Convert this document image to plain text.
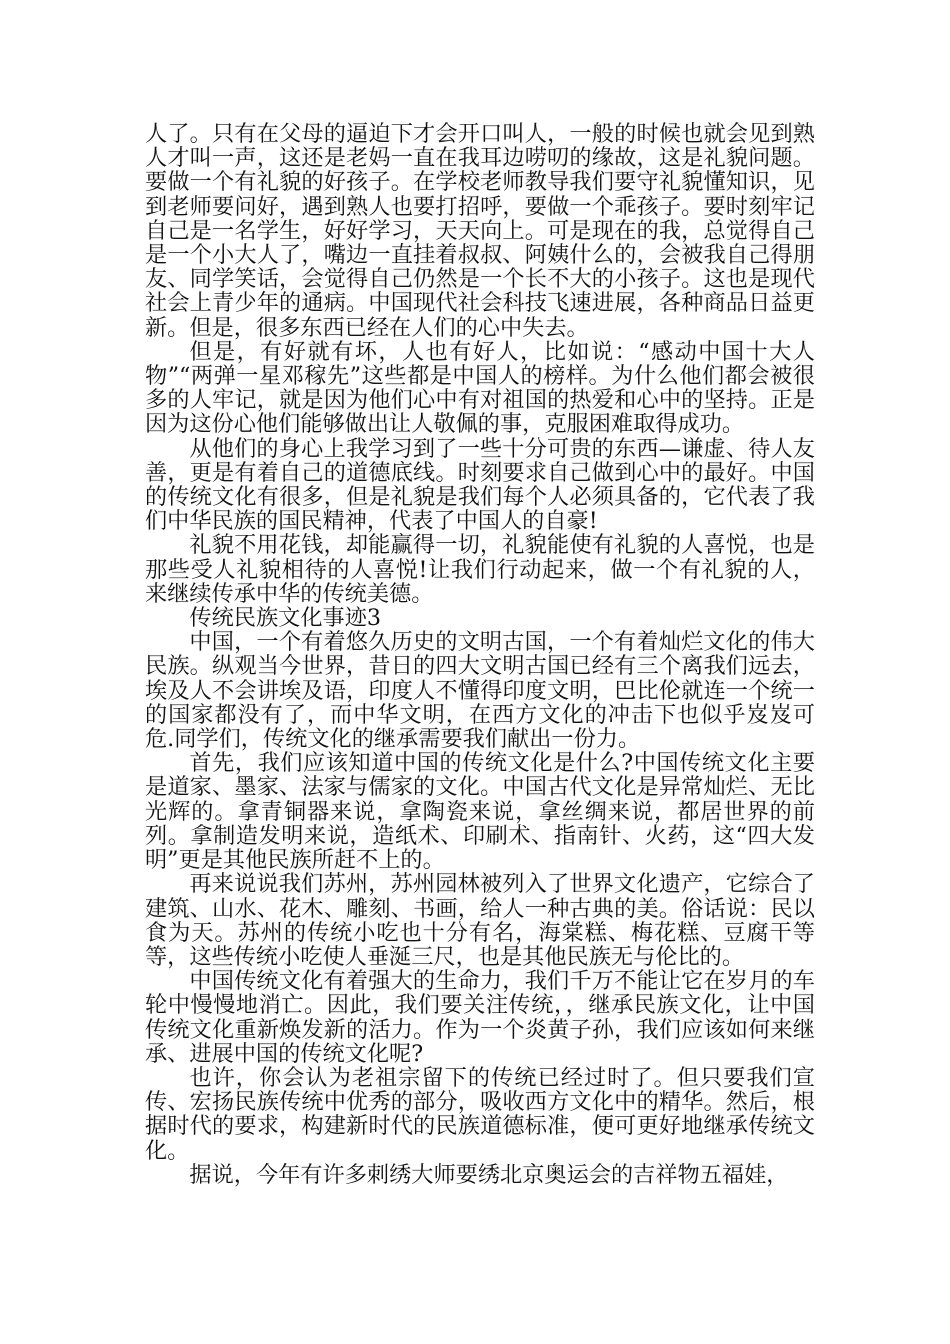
人了。只有在父母的逼迫下才会开口叫人，一般的时候也就会见到熟人才叫一声，这还是老妈一直在我耳边唠叨的缘故，这是礼貌问题。要做一个有礼貌的好孩子。在学校老师教导我们要守礼貌懂知识，见到老师要问好，遇到熟人也要打招呼，要做一个乖孩子。要时刻牢记自己是一名学生，好好学习，天天向上。可是现在的我，总觉得自己是一个小大人了，嘴边一直挂着叔叔、阿姨什么的，会被我自己得朋友、同学笑话，会觉得自己仍然是一个长不大的小孩子。这也是现代社会上青少年的通病。中国现代社会科技飞速进展，各种商品日益更新。但是，很多东西已经在人们的心中失去。

但是，有好就有坏，人也有好人，比如说：“感动中国十大人物”“两弹一星邓稼先”这些都是中国人的榜样。为什么他们都会被很多的人牢记，就是因为他们心中有对祖国的热爱和心中的坚持。正是因为这份心他们能够做出让人敬佩的事，克服困难取得成功。

从他们的身心上我学习到了一些十分可贵的东西—谦虚、待人友善，更是有着自己的道德底线。时刻要求自己做到心中的最好。中国的传统文化有很多，但是礼貌是我们每个人必须具备的，它代表了我们中华民族的国民精神，代表了中国人的自豪!

礼貌不用花钱，却能赢得一切，礼貌能使有礼貌的人喜悦，也是那些受人礼貌相待的人喜悦!让我们行动起来，做一个有礼貌的人，来继续传承中华的传统美德。

传统民族文化事迹3

中国，一个有着悠久历史的文明古国，一个有着灿烂文化的伟大民族。纵观当今世界，昔日的四大文明古国已经有三个离我们远去，埃及人不会讲埃及语，印度人不懂得印度文明，巴比伦就连一个统一的国家都没有了，而中华文明，在西方文化的冲击下也似乎岌岌可危.同学们，传统文化的继承需要我们献出一份力。

首先，我们应该知道中国的传统文化是什么?中国传统文化主要是道家、墨家、法家与儒家的文化。中国古代文化是异常灿烂、无比光辉的。拿青铜器来说，拿陶瓷来说，拿丝绸来说，都居世界的前列。拿制造发明来说，造纸术、印刷术、指南针、火药，这“四大发明”更是其他民族所赶不上的。

再来说说我们苏州，苏州园林被列入了世界文化遗产，它综合了建筑、山水、花木、雕刻、书画，给人一种古典的美。俗话说：民以食为天。苏州的传统小吃也十分有名，海棠糕、梅花糕、豆腐干等等，这些传统小吃使人垂涎三尺，也是其他民族无与伦比的。

中国传统文化有着强大的生命力，我们千万不能让它在岁月的车轮中慢慢地消亡。因此，我们要关注传统，，继承民族文化，让中国传统文化重新焕发新的活力。作为一个炎黄子孙，我们应该如何来继承、进展中国的传统文化呢?

也许，你会认为老祖宗留下的传统已经过时了。但只要我们宣传、宏扬民族传统中优秀的部分，吸收西方文化中的精华。然后，根据时代的要求，构建新时代的民族道德标准，便可更好地继承传统文化。

据说，今年有许多刺绣大师要绣北京奥运会的吉祥物五福娃，
